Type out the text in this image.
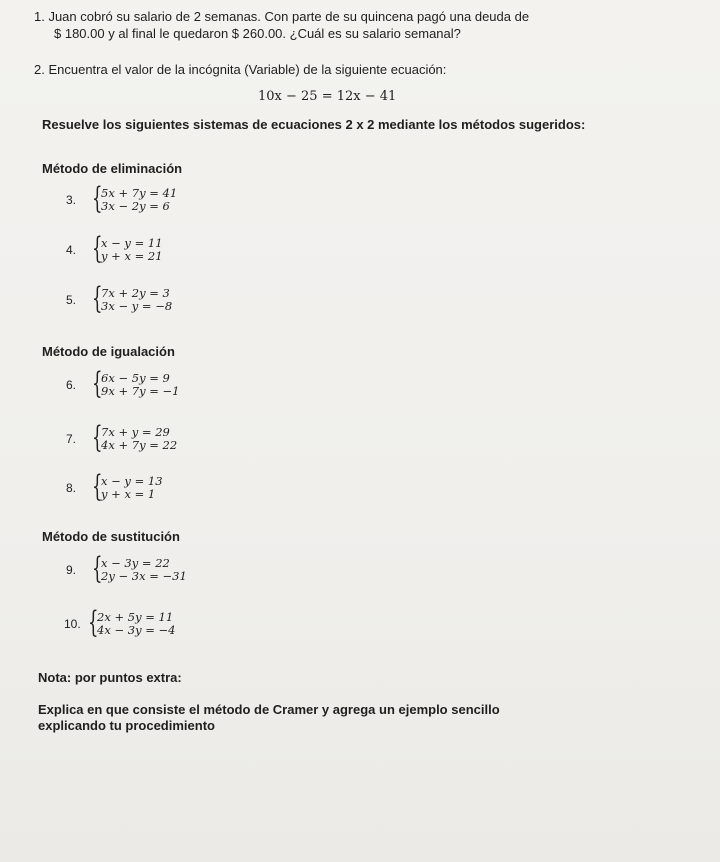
1. Juan cobró su salario de 2 semanas. Con parte de su quincena pagó una deuda de
$ 180.00 y al final le quedaron $ 260.00. ¿Cuál es su salario semanal?
2. Encuentra el valor de la incógnita (Variable) de la siguiente ecuación:
10x − 25 = 12x − 41
Resuelve los siguientes sistemas de ecuaciones 2 x 2 mediante los métodos sugeridos:
Método de eliminación
3. {
5x + 7y = 41
3x − 2y = 6
4. {
x − y = 11
y + x = 21
5. {
7x + 2y = 3
3x − y = −8
Método de igualación
6. {
6x − 5y = 9
9x + 7y = −1
7. {
7x + y = 29
4x + 7y = 22
8. {
x − y = 13
y + x = 1
Método de sustitución
9. {
x − 3y = 22
2y − 3x = −31
10. {
2x + 5y = 11
4x − 3y = −4
Nota: por puntos extra:
Explica en que consiste el método de Cramer y agrega un ejemplo sencillo
explicando tu procedimiento
